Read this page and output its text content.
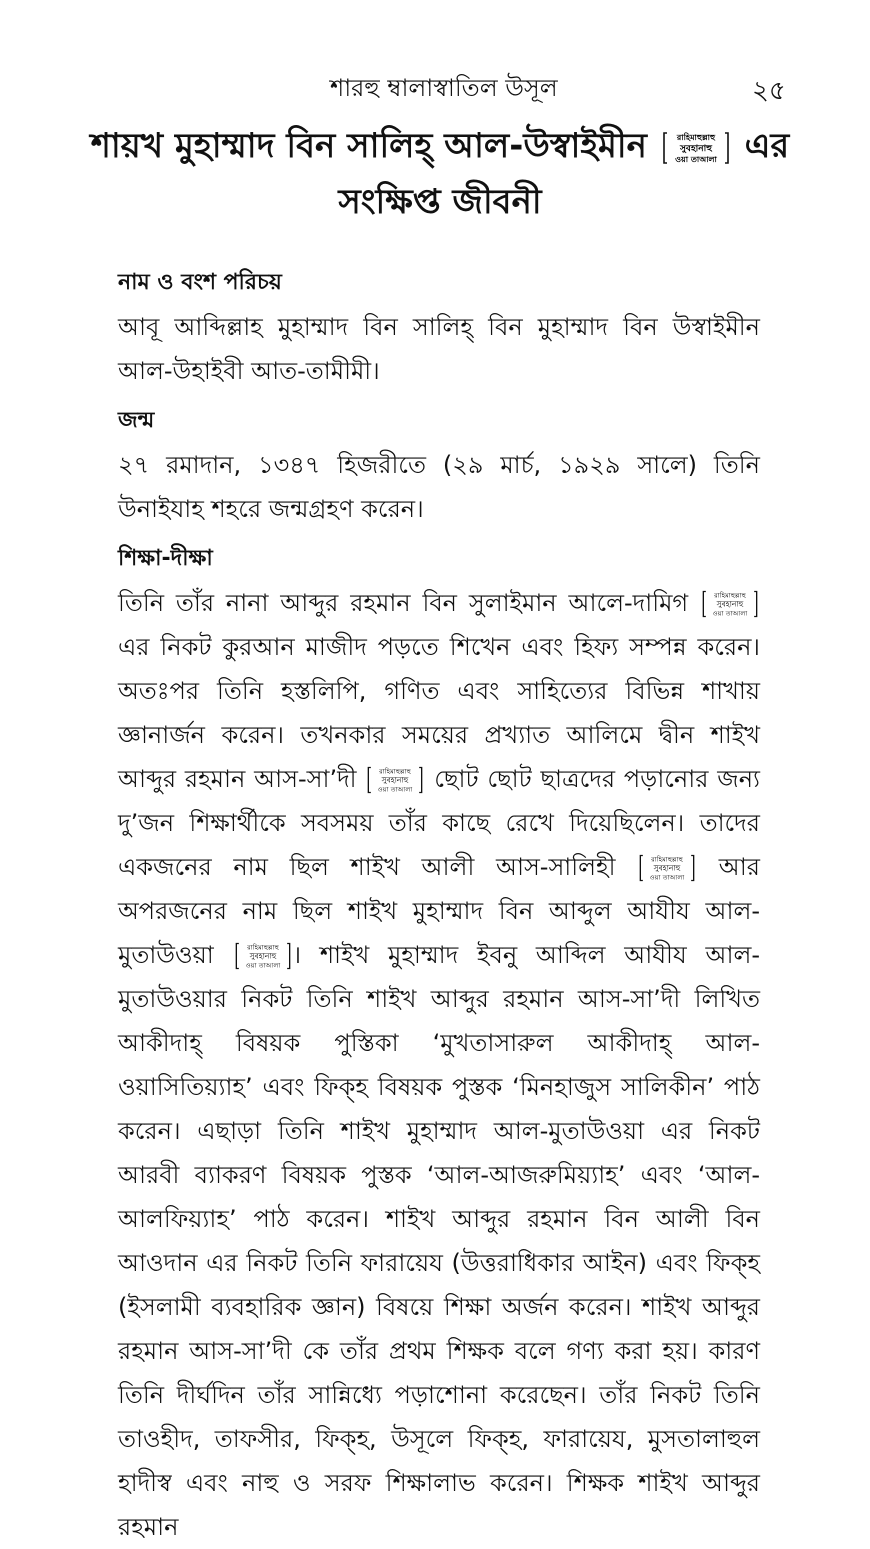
শারহু ম্বালাস্বাতিল উসূল	২৫
শায়খ মুহাম্মাদ বিন সালিহ্ আল-উস্বাইমীন	রাহিমাহুল্লাহু
সুবহানাহু
ওয়া তাআলা এর
সংক্ষিপ্ত জীবনী
নাম ও বংশ পরিচয়

আবূ আব্দিল্লাহ মুহাম্মাদ বিন সালিহ্ বিন মুহাম্মাদ বিন উস্বাইমীন আল-উহাইবী আত-তামীমী।

জন্ম

২৭ রমাদান, ১৩৪৭ হিজরীতে (২৯ মার্চ, ১৯২৯ সালে) তিনি উনাইযাহ শহরে জন্মগ্রহণ করেন।

শিক্ষা-দীক্ষা

তিনি তাঁর নানা আব্দুর রহমান বিন সুলাইমান আলে-দামিগ	রাহিমাহুল্লাহু
সুবহানাহু
ওয়া তাআলা
এর নিকট কুরআন মাজীদ পড়তে শিখেন এবং হিফ্য সম্পন্ন করেন। অতঃপর তিনি হস্তলিপি, গণিত এবং সাহিত্যের বিভিন্ন শাখায় জ্ঞানার্জন করেন। তখনকার সময়ের প্রখ্যাত আলিমে দ্বীন শাইখ আব্দুর রহমান আস-সা’দী	রাহিমাহুল্লাহু
সুবহানাহু
ওয়া তাআলা ছোট ছোট ছাত্রদের পড়ানোর জন্য দু’জন শিক্ষার্থীকে সবসময় তাঁর কাছে রেখে দিয়েছিলেন। তাদের একজনের নাম ছিল শাইখ আলী আস-সালিহী	রাহিমাহুল্লাহু
সুবহানাহু
ওয়া তাআলা আর অপরজনের নাম ছিল শাইখ মুহাম্মাদ বিন আব্দুল আযীয আল-মুতাউওয়া	রাহিমাহুল্লাহু
সুবহানাহু
ওয়া তাআলা । শাইখ মুহাম্মাদ ইবনু আব্দিল আযীয আল-মুতাউওয়ার নিকট তিনি শাইখ আব্দুর রহমান আস-সা’দী লিখিত আকীদাহ্ বিষয়ক পুস্তিকা ‘মুখতাসারুল আকীদাহ্ আল-ওয়াসিতিয়্যাহ’ এবং ফিক্হ বিষয়ক পুস্তক ‘মিনহাজুস সালিকীন’ পাঠ করেন। এছাড়া তিনি শাইখ মুহাম্মাদ আল-মুতাউওয়া এর নিকট আরবী ব্যাকরণ বিষয়ক পুস্তক ‘আল-আজরুমিয়্যাহ’ এবং ‘আল-আলফিয়্যাহ’ পাঠ করেন। শাইখ আব্দুর রহমান বিন আলী বিন আওদান এর নিকট তিনি ফারায়েয (উত্তরাধিকার আইন) এবং ফিক্হ (ইসলামী ব্যবহারিক জ্ঞান) বিষয়ে শিক্ষা অর্জন করেন। শাইখ আব্দুর রহমান আস-সা’দী কে তাঁর প্রথম শিক্ষক বলে গণ্য করা হয়। কারণ তিনি দীর্ঘদিন তাঁর সান্নিধ্যে পড়াশোনা করেছেন। তাঁর নিকট তিনি তাওহীদ, তাফসীর, ফিক্হ, উসূলে ফিক্হ, ফারায়েয, মুসতালাহুল হাদীস্ব এবং নাহু ও সরফ শিক্ষালাভ করেন। শিক্ষক শাইখ আব্দুর রহমান
